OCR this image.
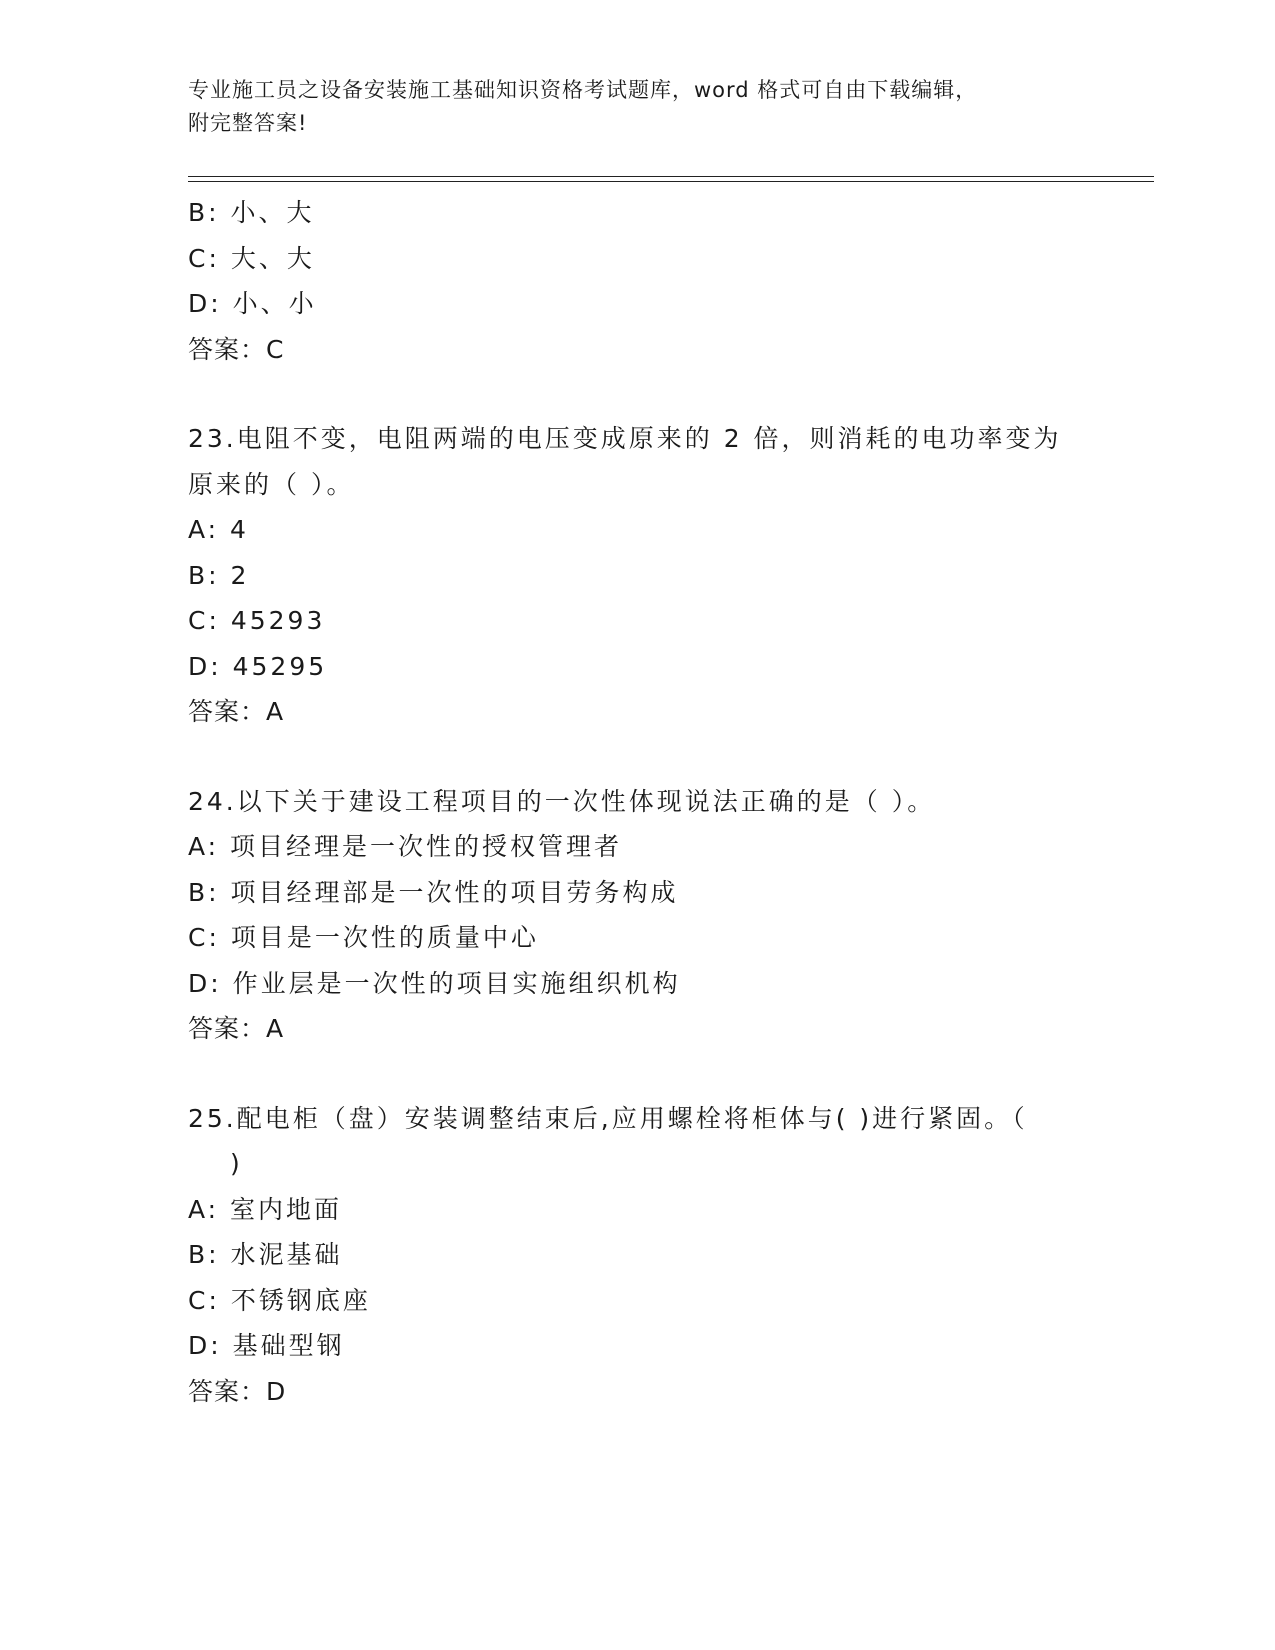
专业施工员之设备安装施工基础知识资格考试题库，word 格式可自由下载编辑，
附完整答案!
B: 小、大
C: 大、大
D: 小、小
答案：C
23.电阻不变，电阻两端的电压变成原来的 2 倍，则消耗的电功率变为
原来的（ ）。
A: 4
B: 2
C: 45293
D: 45295
答案：A
24.以下关于建设工程项目的一次性体现说法正确的是（ ）。
A: 项目经理是一次性的授权管理者
B: 项目经理部是一次性的项目劳务构成
C: 项目是一次性的质量中心
D: 作业层是一次性的项目实施组织机构
答案：A
25.配电柜（盘）安装调整结束后,应用螺栓将柜体与( )进行紧固。（
)
A: 室内地面
B: 水泥基础
C: 不锈钢底座
D: 基础型钢
答案：D
